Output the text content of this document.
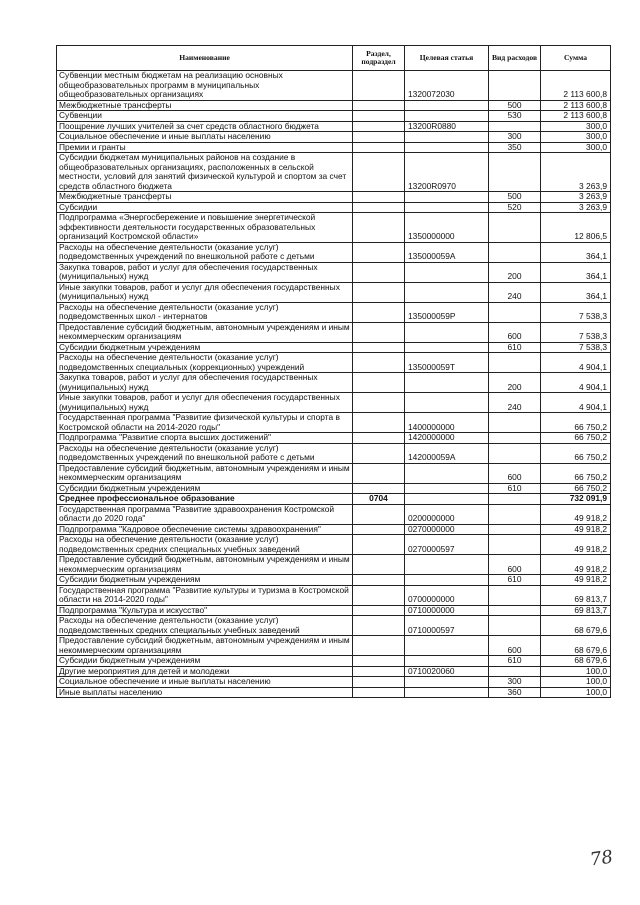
Наименование	Раздел, подраздел	Целевая статья	Вид расходов	Сумма
Субвенции местным бюджетам на реализацию основных общеобразовательных программ в муниципальных общеобразовательных организациях		1320072030		2 113 600,8
Межбюджетные трансферты			500	2 113 600,8
Субвенции			530	2 113 600,8
Поощрение лучших учителей за счет средств областного бюджета		13200R0880		300,0
Социальное обеспечение и иные выплаты населению			300	300,0
Премии и гранты			350	300,0
Субсидии бюджетам муниципальных районов на создание в общеобразовательных организациях, расположенных в сельской местности, условий для занятий физической культурой и спортом за счет средств областного бюджета		13200R0970		3 263,9
Межбюджетные трансферты			500	3 263,9
Субсидии			520	3 263,9
Подпрограмма «Энергосбережение и повышение энергетической эффективности деятельности государственных образовательных организаций Костромской области»		1350000000		12 806,5
Расходы на обеспечение деятельности (оказание услуг) подведомственных учреждений по внешкольной работе с детьми		135000059А		364,1
Закупка товаров, работ и услуг для обеспечения государственных (муниципальных) нужд			200	364,1
Иные закупки товаров, работ и услуг для обеспечения государственных (муниципальных) нужд			240	364,1
Расходы на обеспечение деятельности (оказание услуг) подведомственных школ - интернатов		135000059Р		7 538,3
Предоставление субсидий бюджетным, автономным учреждениям и иным некоммерческим организациям			600	7 538,3
Субсидии бюджетным учреждениям			610	7 538,3
Расходы на обеспечение деятельности (оказание услуг) подведомственных специальных (коррекционных) учреждений		135000059Т		4 904,1
Закупка товаров, работ и услуг для обеспечения государственных (муниципальных) нужд			200	4 904,1
Иные закупки товаров, работ и услуг для обеспечения государственных (муниципальных) нужд			240	4 904,1
Государственная программа "Развитие физической культуры и спорта в Костромской области на 2014-2020 годы"		1400000000		66 750,2
Подпрограмма "Развитие спорта высших достижений"		1420000000		66 750,2
Расходы на обеспечение деятельности (оказание услуг) подведомственных учреждений по внешкольной работе с детьми		142000059А		66 750,2
Предоставление субсидий бюджетным, автономным учреждениям и иным некоммерческим организациям			600	66 750,2
Субсидии бюджетным учреждениям			610	66 750,2
Среднее профессиональное образование	0704			732 091,9
Государственная программа "Развитие здравоохранения Костромской области до 2020 года"		0200000000		49 918,2
Подпрограмма "Кадровое обеспечение системы здравоохранения"		0270000000		49 918,2
Расходы на обеспечение деятельности (оказание услуг) подведомственных средних специальных учебных заведений		0270000597		49 918,2
Предоставление субсидий бюджетным, автономным учреждениям и иным некоммерческим организациям			600	49 918,2
Субсидии бюджетным учреждениям			610	49 918,2
Государственная программа "Развитие культуры и туризма в Костромской области на 2014-2020 годы"		0700000000		69 813,7
Подпрограмма "Культура и искусство"		0710000000		69 813,7
Расходы на обеспечение деятельности (оказание услуг) подведомственных средних специальных учебных заведений		0710000597		68 679,6
Предоставление субсидий бюджетным, автономным учреждениям и иным некоммерческим организациям			600	68 679,6
Субсидии бюджетным учреждениям			610	68 679,6
Другие мероприятия для детей и молодежи		0710020060		100,0
Социальное обеспечение и иные выплаты населению			300	100,0
Иные выплаты населению			360	100,0
78
